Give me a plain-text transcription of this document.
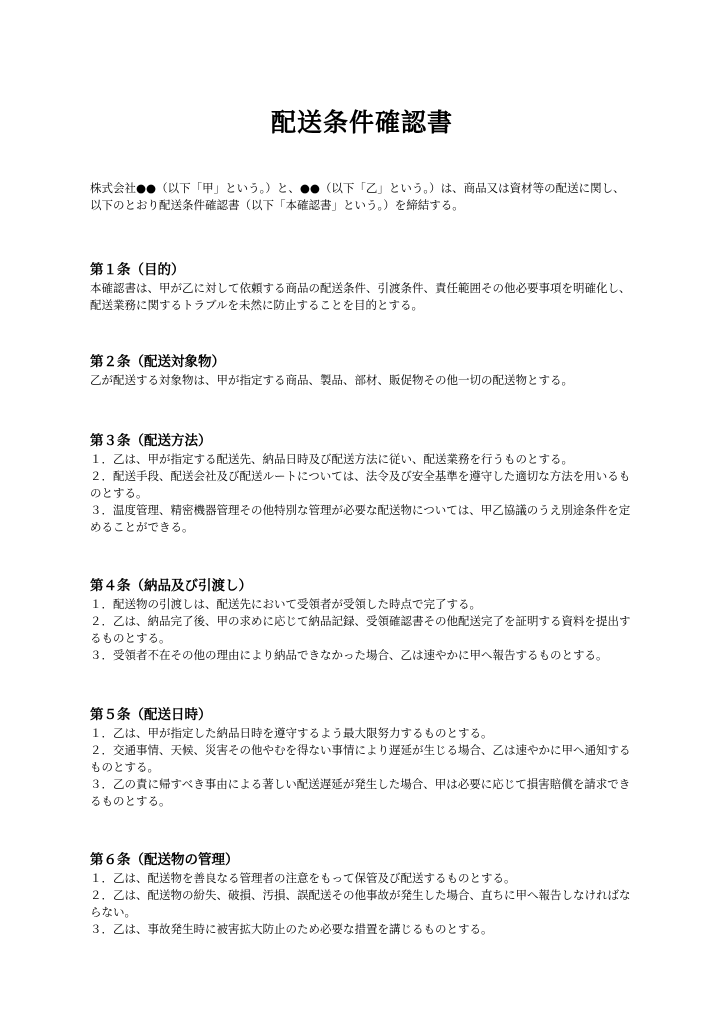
配送条件確認書

株式会社●●（以下「甲」という。）と、●●（以下「乙」という。）は、商品又は資材等の配送に関し、以下のとおり配送条件確認書（以下「本確認書」という。）を締結する。

第１条（目的）

本確認書は、甲が乙に対して依頼する商品の配送条件、引渡条件、責任範囲その他必要事項を明確化し、配送業務に関するトラブルを未然に防止することを目的とする。

第２条（配送対象物）

乙が配送する対象物は、甲が指定する商品、製品、部材、販促物その他一切の配送物とする。

第３条（配送方法）

１．乙は、甲が指定する配送先、納品日時及び配送方法に従い、配送業務を行うものとする。

２．配送手段、配送会社及び配送ルートについては、法令及び安全基準を遵守した適切な方法を用いるものとする。

３．温度管理、精密機器管理その他特別な管理が必要な配送物については、甲乙協議のうえ別途条件を定めることができる。

第４条（納品及び引渡し）

１．配送物の引渡しは、配送先において受領者が受領した時点で完了する。

２．乙は、納品完了後、甲の求めに応じて納品記録、受領確認書その他配送完了を証明する資料を提出するものとする。

３．受領者不在その他の理由により納品できなかった場合、乙は速やかに甲へ報告するものとする。

第５条（配送日時）

１．乙は、甲が指定した納品日時を遵守するよう最大限努力するものとする。

２．交通事情、天候、災害その他やむを得ない事情により遅延が生じる場合、乙は速やかに甲へ通知するものとする。

３．乙の責に帰すべき事由による著しい配送遅延が発生した場合、甲は必要に応じて損害賠償を請求できるものとする。

第６条（配送物の管理）

１．乙は、配送物を善良なる管理者の注意をもって保管及び配送するものとする。

２．乙は、配送物の紛失、破損、汚損、誤配送その他事故が発生した場合、直ちに甲へ報告しなければならない。

３．乙は、事故発生時に被害拡大防止のため必要な措置を講じるものとする。
